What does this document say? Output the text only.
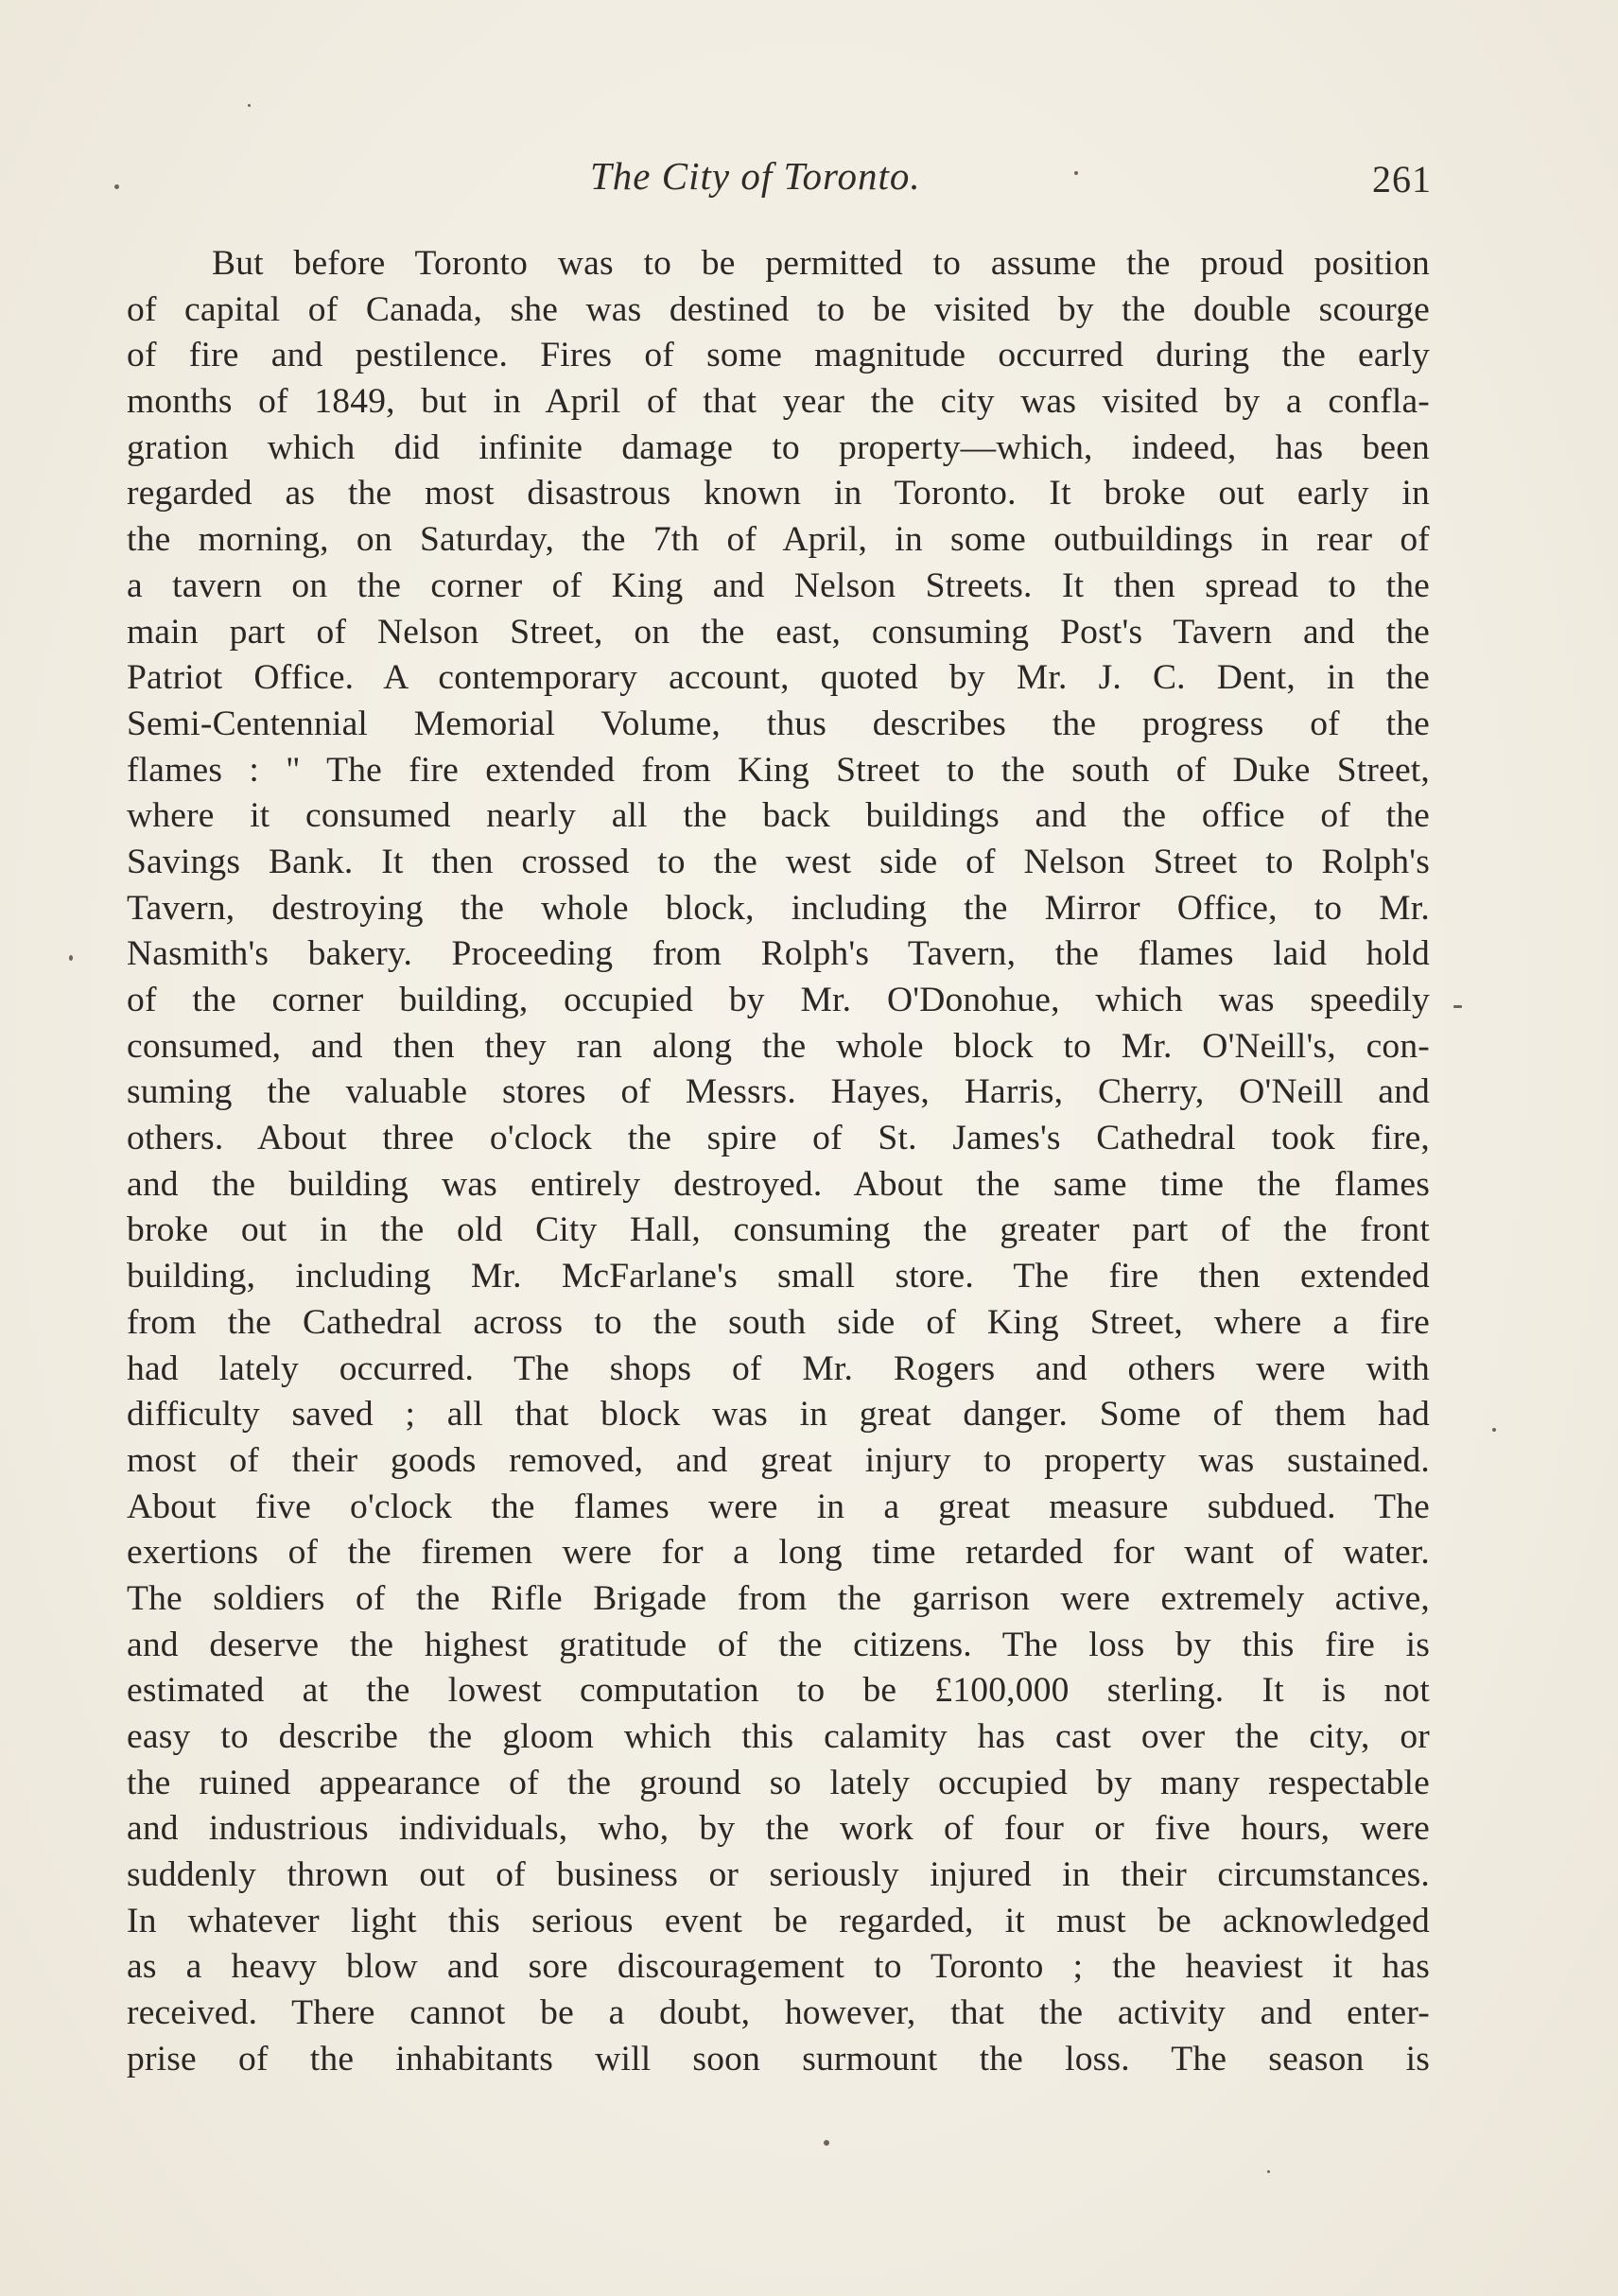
The City of Toronto.	261
But before Toronto was to be permitted to assume the proud position
of capital of Canada, she was destined to be visited by the double scourge
of fire and pestilence. Fires of some magnitude occurred during the early
months of 1849, but in April of that year the city was visited by a confla-
gration which did infinite damage to property—which, indeed, has been
regarded as the most disastrous known in Toronto. It broke out early in
the morning, on Saturday, the 7th of April, in some outbuildings in rear of
a tavern on the corner of King and Nelson Streets. It then spread to the
main part of Nelson Street, on the east, consuming Post's Tavern and the
Patriot Office. A contemporary account, quoted by Mr. J. C. Dent, in the
Semi-Centennial Memorial Volume, thus describes the progress of the
flames : " The fire extended from King Street to the south of Duke Street,
where it consumed nearly all the back buildings and the office of the
Savings Bank. It then crossed to the west side of Nelson Street to Rolph's
Tavern, destroying the whole block, including the Mirror Office, to Mr.
Nasmith's bakery. Proceeding from Rolph's Tavern, the flames laid hold
of the corner building, occupied by Mr. O'Donohue, which was speedily
consumed, and then they ran along the whole block to Mr. O'Neill's, con-
suming the valuable stores of Messrs. Hayes, Harris, Cherry, O'Neill and
others. About three o'clock the spire of St. James's Cathedral took fire,
and the building was entirely destroyed. About the same time the flames
broke out in the old City Hall, consuming the greater part of the front
building, including Mr. McFarlane's small store. The fire then extended
from the Cathedral across to the south side of King Street, where a fire
had lately occurred. The shops of Mr. Rogers and others were with
difficulty saved ; all that block was in great danger. Some of them had
most of their goods removed, and great injury to property was sustained.
About five o'clock the flames were in a great measure subdued. The
exertions of the firemen were for a long time retarded for want of water.
The soldiers of the Rifle Brigade from the garrison were extremely active,
and deserve the highest gratitude of the citizens. The loss by this fire is
estimated at the lowest computation to be £100,000 sterling. It is not
easy to describe the gloom which this calamity has cast over the city, or
the ruined appearance of the ground so lately occupied by many respectable
and industrious individuals, who, by the work of four or five hours, were
suddenly thrown out of business or seriously injured in their circumstances.
In whatever light this serious event be regarded, it must be acknowledged
as a heavy blow and sore discouragement to Toronto ; the heaviest it has
received. There cannot be a doubt, however, that the activity and enter-
prise of the inhabitants will soon surmount the loss. The season is
